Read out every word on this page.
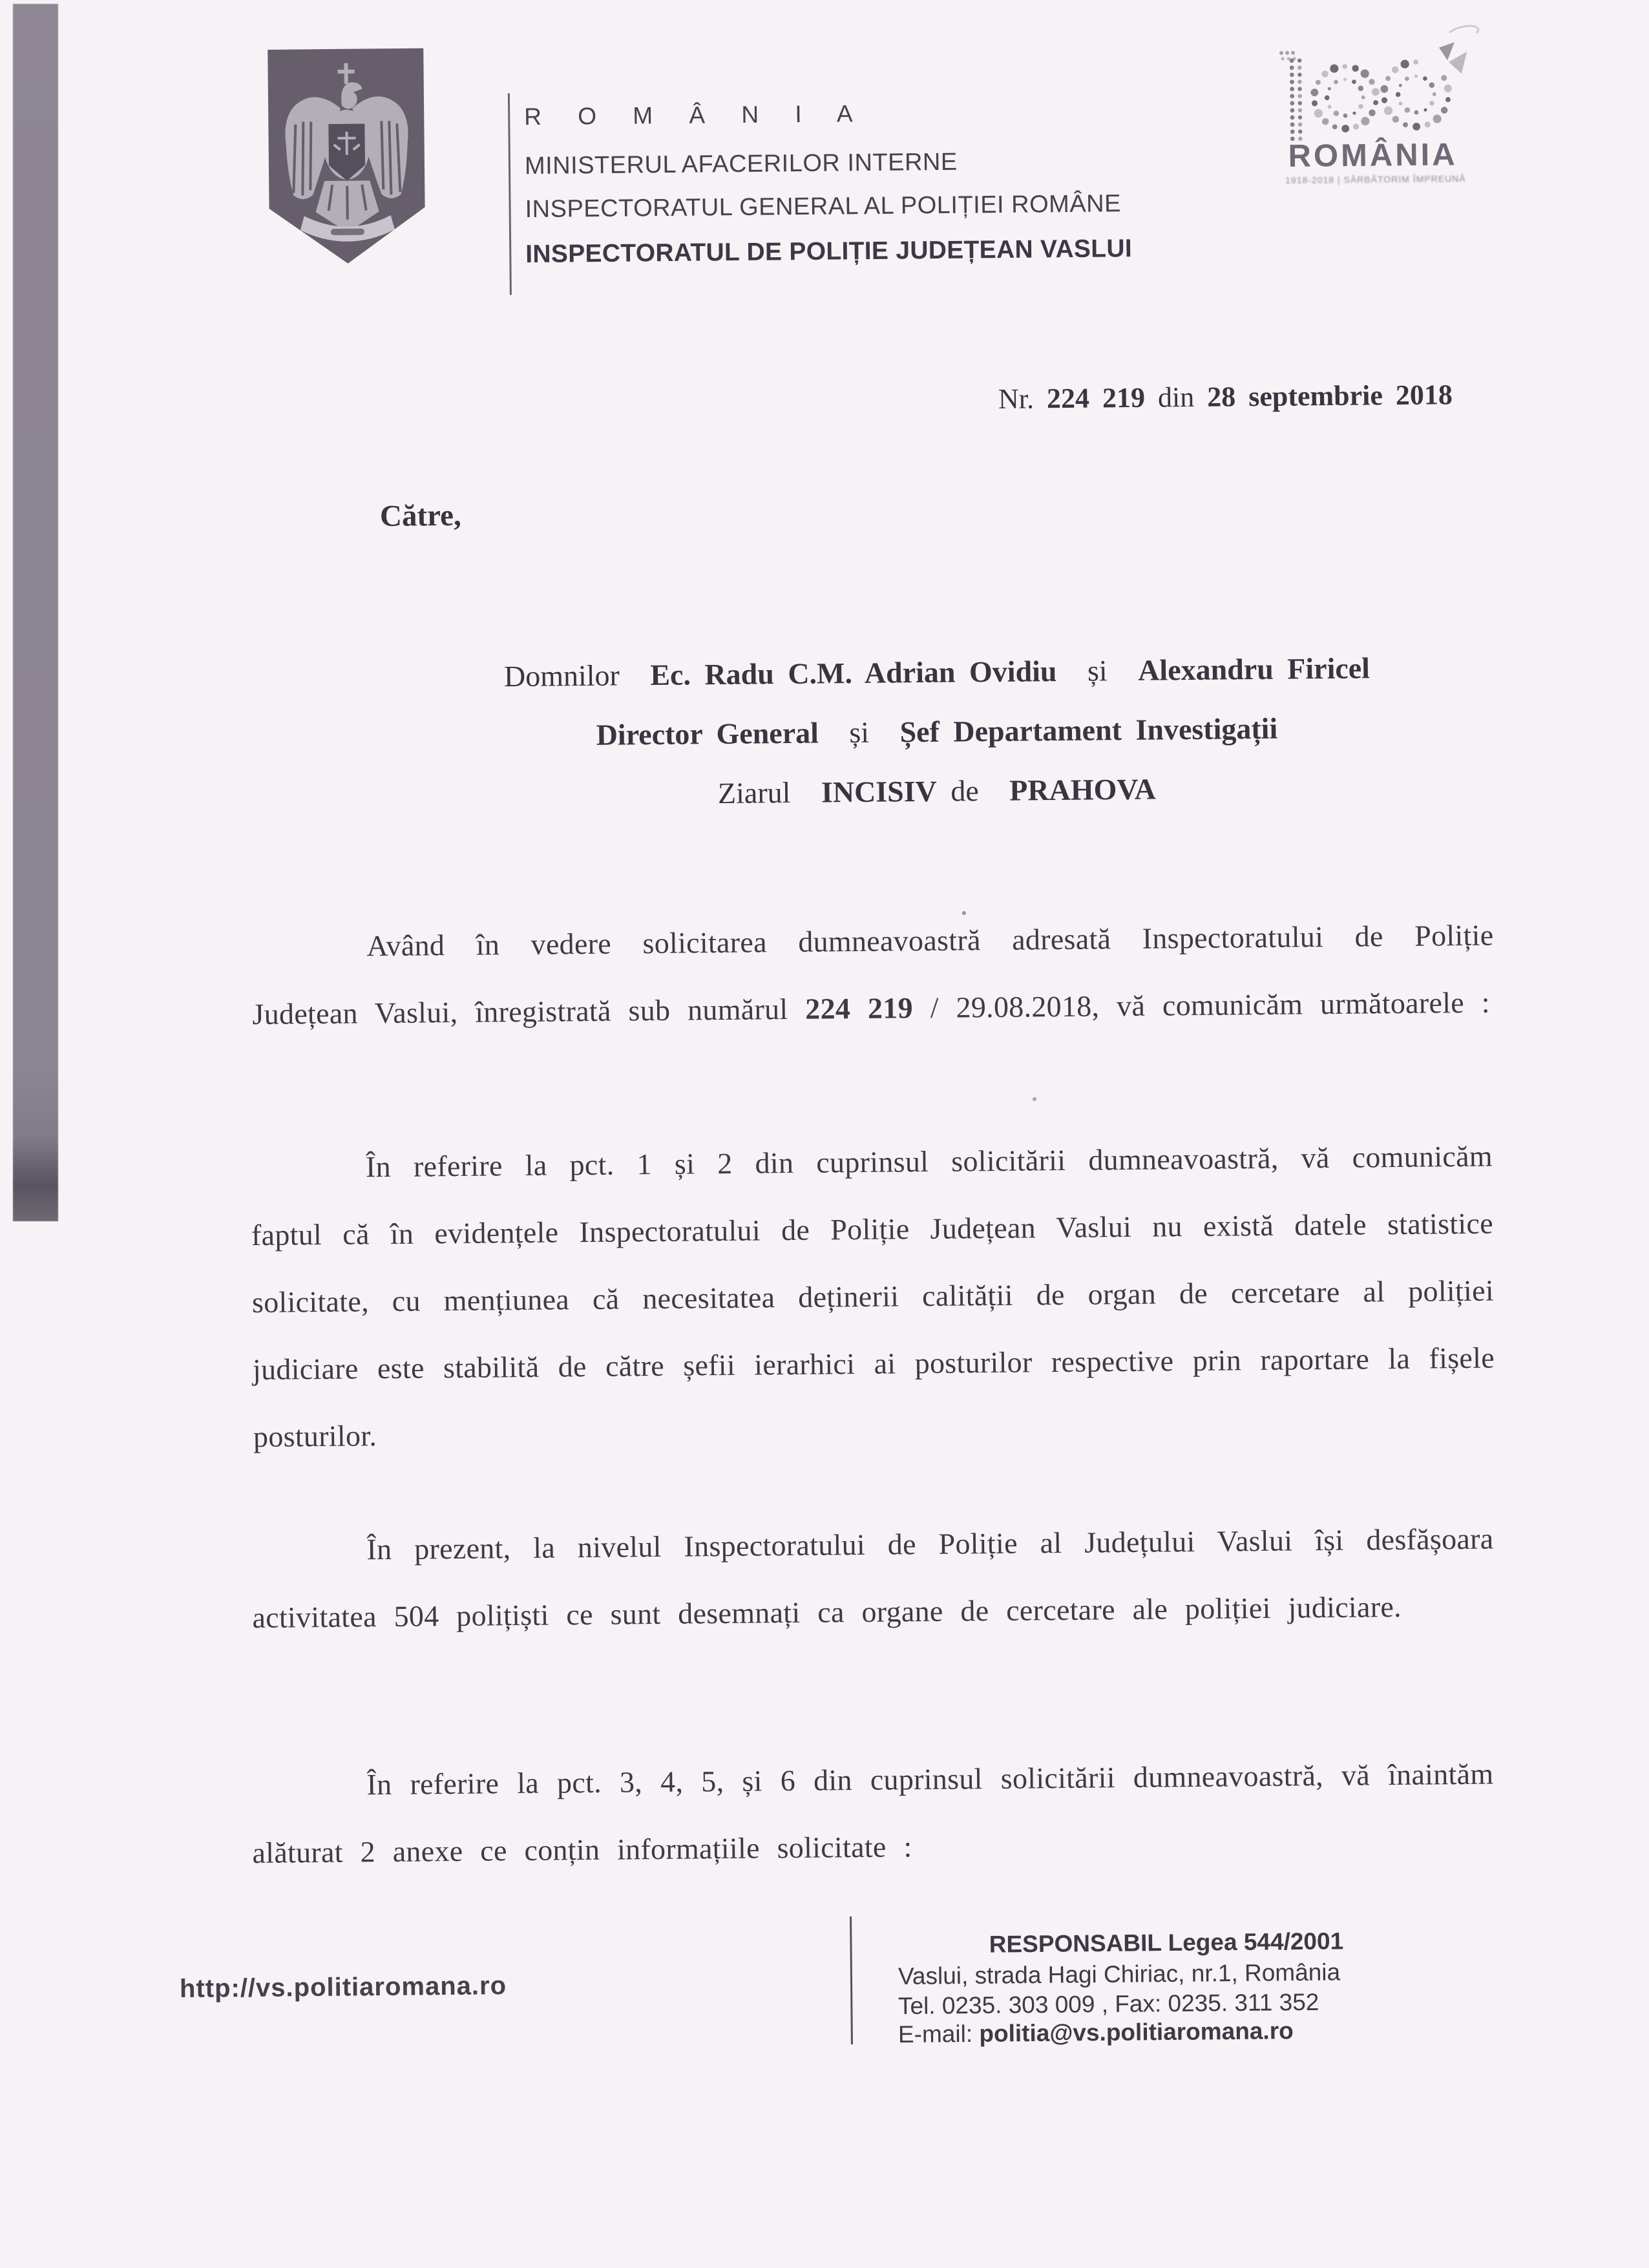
R O M Â N I A
MINISTERUL AFACERILOR INTERNE
INSPECTORATUL GENERAL AL POLIȚIEI ROMÂNE
INSPECTORATUL DE POLIȚIE JUDEȚEAN VASLUI
ROMÂNIA
1918-2018 | SĂRBĂTORIM ÎMPREUNĂ
Nr. 224 219 din 28 septembrie 2018
Către,
Domnilor Ec. Radu C.M. Adrian Ovidiu și Alexandru Firicel
Director General și Șef Departament Investigații
Ziarul INCISIV de PRAHOVA

Având în vedere solicitarea dumneavoastră adresată Inspectoratului de Poliție Județean Vaslui, înregistrată sub numărul 224 219 / 29.08.2018, vă comunicăm următoarele :

În referire la pct. 1 și 2 din cuprinsul solicitării dumneavoastră, vă comunicăm faptul că în evidențele Inspectoratului de Poliție Județean Vaslui nu există datele statistice solicitate, cu mențiunea că necesitatea deținerii calității de organ de cercetare al poliției judiciare este stabilită de către șefii ierarhici ai posturilor respective prin raportare la fișele posturilor.

În prezent, la nivelul Inspectoratului de Poliție al Județului Vaslui își desfășoara activitatea 504 polițiști ce sunt desemnați ca organe de cercetare ale poliției judiciare.

În referire la pct. 3, 4, 5, și 6 din cuprinsul solicitării dumneavoastră, vă înaintăm alăturat 2 anexe ce conțin informațiile solicitate :

http://vs.politiaromana.ro
RESPONSABIL Legea 544/2001
Vaslui, strada Hagi Chiriac, nr.1, România
Tel. 0235. 303 009 , Fax: 0235. 311 352
E-mail: politia@vs.politiaromana.ro
